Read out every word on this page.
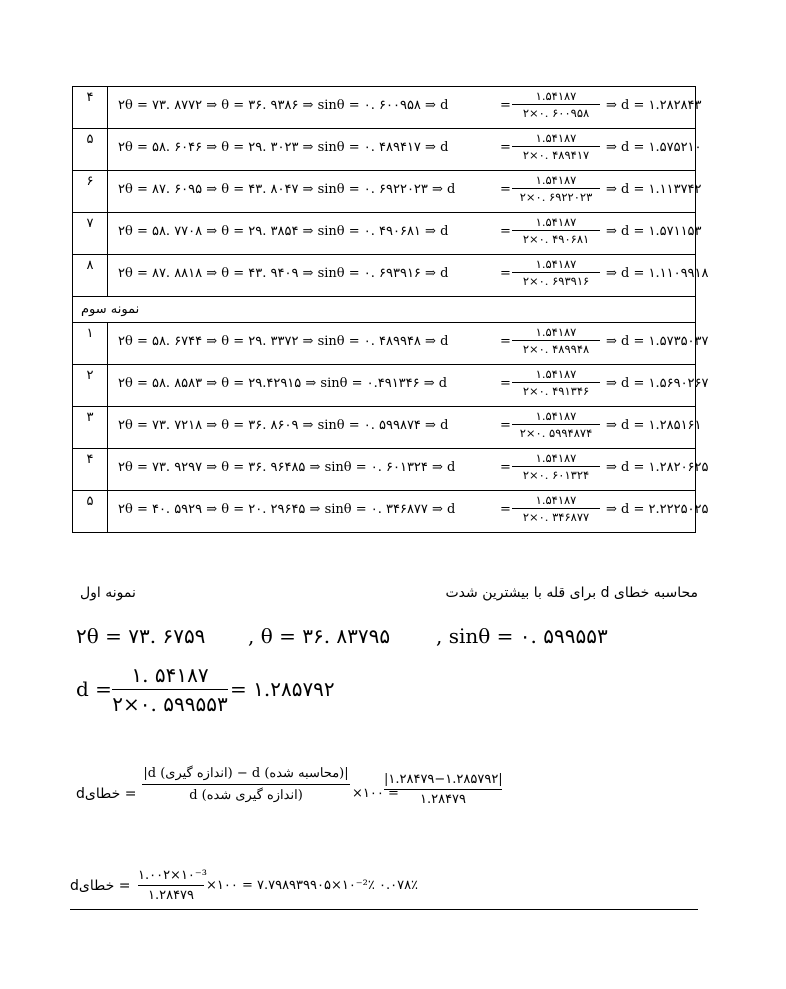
۴	۲θ = ۷۳. ۸۷۷۲ ⇒ θ = ۳۶. ۹۳۸۶ ⇒ sinθ = ۰. ۶۰۰۹۵۸ ⇒ d =
۱.۵۴۱۸۷
۲×۰. ۶۰۰۹۵۸ ⇒ d = ۱.۲۸۲۸۴۳

۵	۲θ = ۵۸. ۶۰۴۶ ⇒ θ = ۲۹. ۳۰۲۳ ⇒ sinθ = ۰. ۴۸۹۴۱۷ ⇒ d =
۱.۵۴۱۸۷
۲×۰. ۴۸۹۴۱۷ ⇒ d = ۱.۵۷۵۲۱۰

۶	۲θ = ۸۷. ۶۰۹۵ ⇒ θ = ۴۳. ۸۰۴۷ ⇒ sinθ = ۰. ۶۹۲۲۰۲۳ ⇒ d =
۱.۵۴۱۸۷
۲×۰. ۶۹۲۲۰۲۳ ⇒ d = ۱.۱۱۳۷۴۲

۷	۲θ = ۵۸. ۷۷۰۸ ⇒ θ = ۲۹. ۳۸۵۴ ⇒ sinθ = ۰. ۴۹۰۶۸۱ ⇒ d =
۱.۵۴۱۸۷
۲×۰. ۴۹۰۶۸۱ ⇒ d = ۱.۵۷۱۱۵۳

۸	۲θ = ۸۷. ۸۸۱۸ ⇒ θ = ۴۳. ۹۴۰۹ ⇒ sinθ = ۰. ۶۹۳۹۱۶ ⇒ d =
۱.۵۴۱۸۷
۲×۰. ۶۹۳۹۱۶ ⇒ d = ۱.۱۱۰۹۹۱۸

نمونه سوم	
۱	۲θ = ۵۸. ۶۷۴۴ ⇒ θ = ۲۹. ۳۳۷۲ ⇒ sinθ = ۰. ۴۸۹۹۴۸ ⇒ d =
۱.۵۴۱۸۷
۲×۰. ۴۸۹۹۴۸ ⇒ d = ۱.۵۷۳۵۰۳۷

۲	۲θ = ۵۸. ۸۵۸۳ ⇒ θ = ۲۹.۴۲۹۱۵ ⇒ sinθ = ۰.۴۹۱۳۴۶ ⇒ d =
۱.۵۴۱۸۷
۲×۰. ۴۹۱۳۴۶ ⇒ d = ۱.۵۶۹۰۲۶۷

۳	۲θ = ۷۳. ۷۲۱۸ ⇒ θ = ۳۶. ۸۶۰۹ ⇒ sinθ = ۰. ۵۹۹۸۷۴ ⇒ d =
۱.۵۴۱۸۷
۲×۰. ۵۹۹۴۸۷۴ ⇒ d = ۱.۲۸۵۱۶۱

۴	۲θ = ۷۳. ۹۲۹۷ ⇒ θ = ۳۶. ۹۶۴۸۵ ⇒ sinθ = ۰. ۶۰۱۳۲۴ ⇒ d =
۱.۵۴۱۸۷
۲×۰. ۶۰۱۳۲۴ ⇒ d = ۱.۲۸۲۰۶۲۵

۵	۲θ = ۴۰. ۵۹۲۹ ⇒ θ = ۲۰. ۲۹۶۴۵ ⇒ sinθ = ۰. ۳۴۶۸۷۷ ⇒ d =
۱.۵۴۱۸۷
۲×۰. ۳۴۶۸۷۷ ⇒ d = ۲.۲۲۲۵۰۲۵
محاسبه خطای d برای قله با بیشترین شدت
نمونه اول
۲θ = ۷۳. ۶۷۵۹	, θ = ۳۶. ۸۳۷۹۵	, sinθ = ۰. ۵۹۹۵۵۳
d =
۱. ۵۴۱۸۷
۲×۰. ۵۹۹۵۵۳
= ۱.۲۸۵۷۹۲
dخطای =
|d (اندازه گیری) − d (محاسبه شده)|
d (اندازه گیری شده)	×۱۰۰ =
|۱.۲۸۴۷۹−۱.۲۸۵۷۹۲|
۱.۲۸۴۷۹
dخطای =
۱.۰۰۲×۱۰⁻³
۱.۲۸۴۷۹
×۱۰۰ = ۷.۷۹۸۹۳۹۹۰۵×۱۰⁻²٪ ۰.۰۷۸٪
